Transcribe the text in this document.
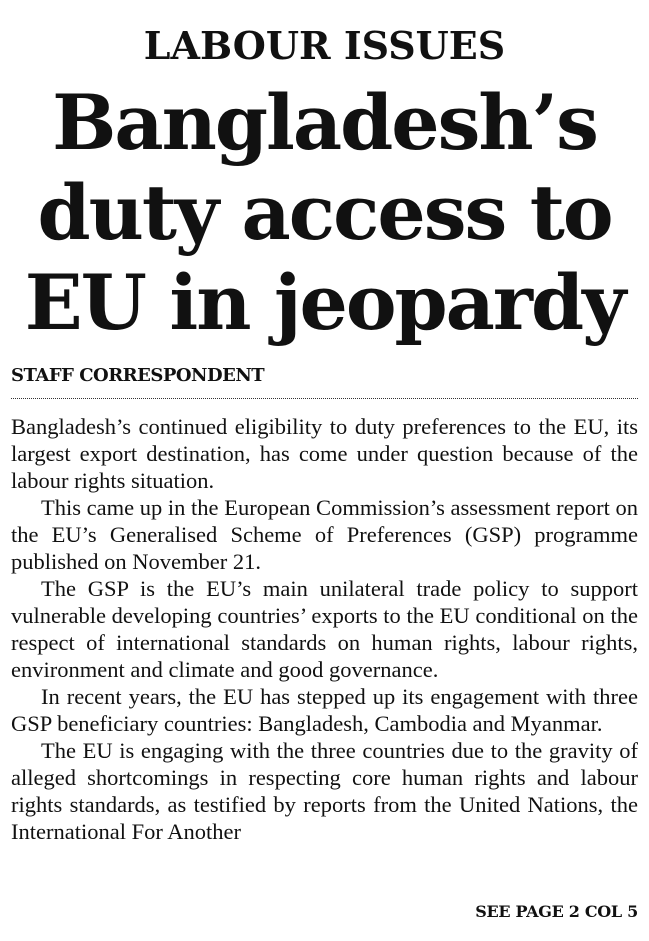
LABOUR ISSUES
Bangladesh’s
duty access to
EU in jeopardy
STAFF CORRESPONDENT

Bangladesh’s continued eligibility to duty preferences to the EU, its largest export destination, has come under question because of the labour rights situation.

This came up in the European Commission’s assessment report on the EU’s Generalised Scheme of Preferences (GSP) programme published on November 21.

The GSP is the EU’s main unilateral trade policy to support vulnerable developing countries’ exports to the EU conditional on the respect of international standards on human rights, labour rights, environment and climate and good governance.

In recent years, the EU has stepped up its engagement with three GSP beneficiary countries: Bangladesh, Cambodia and Myanmar.

The EU is engaging with the three countries due to the gravity of alleged shortcomings in respecting core human rights and labour rights standards, as testified by reports from the United Nations, the International For Another

SEE PAGE 2 COL 5
